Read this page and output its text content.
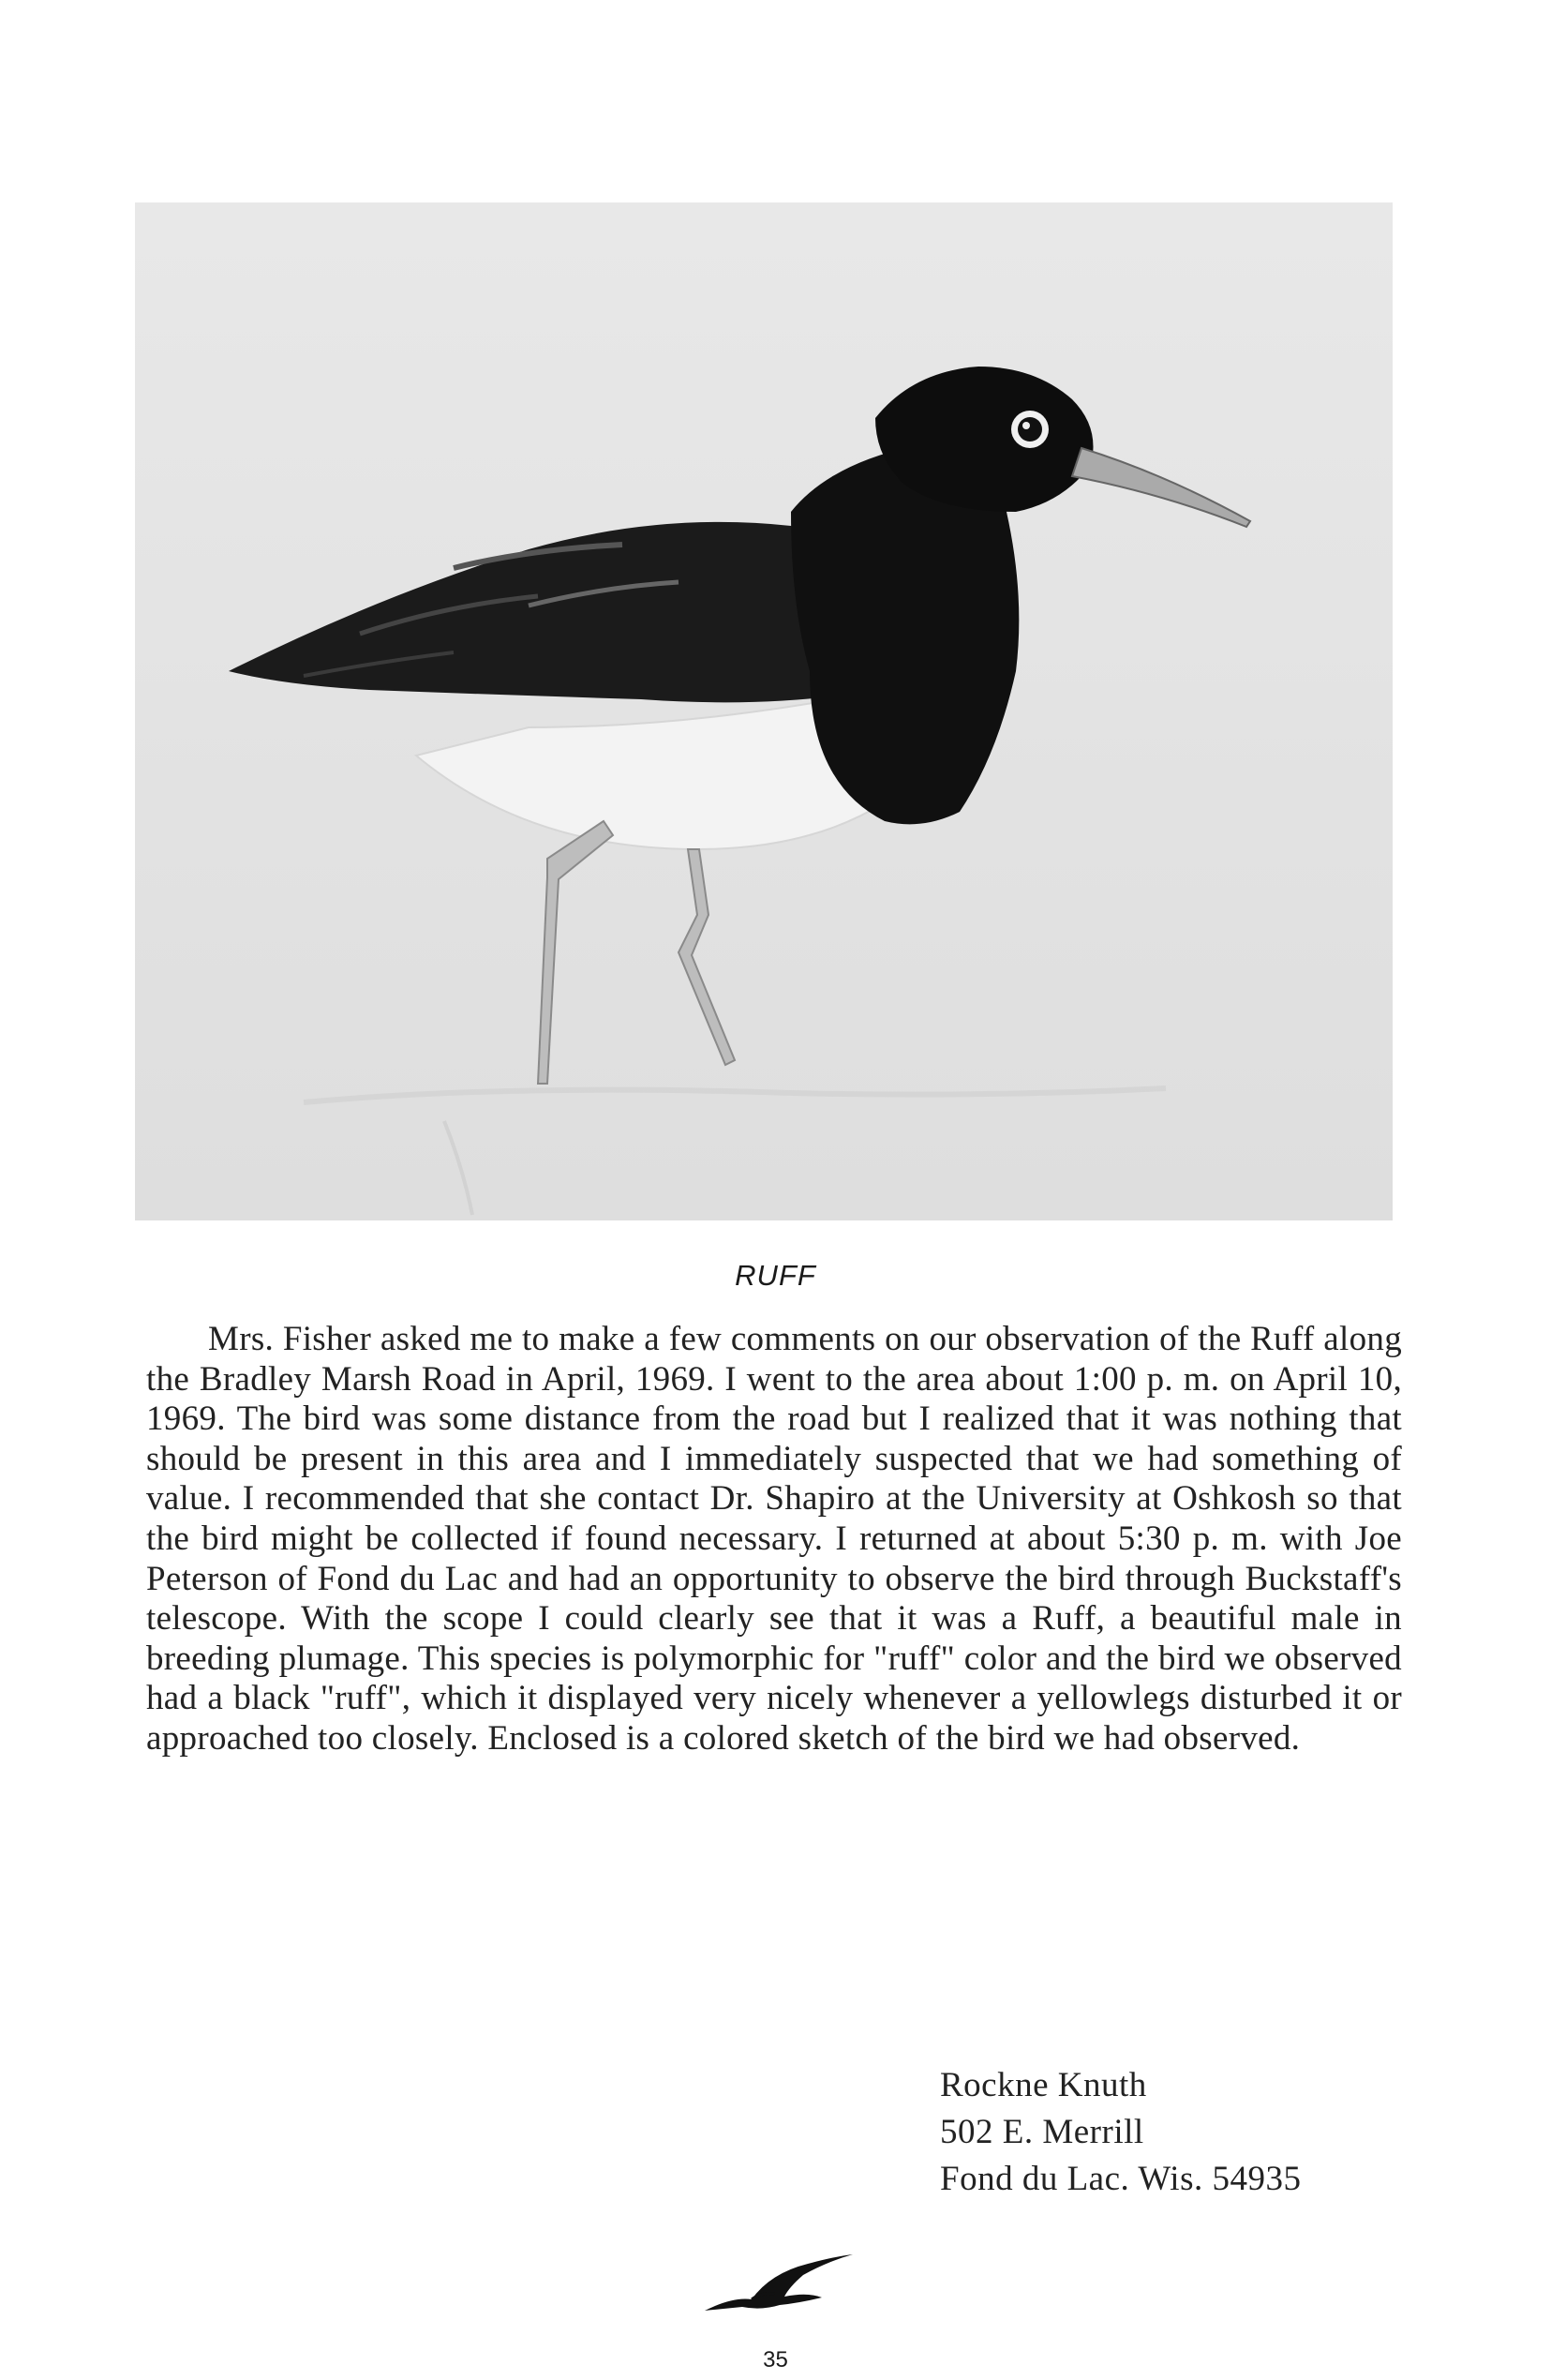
RUFF

Mrs. Fisher asked me to make a few comments on our observation of the Ruff along the Bradley Marsh Road in April, 1969. I went to the area about 1:00 p. m. on April 10, 1969. The bird was some distance from the road but I realized that it was nothing that should be present in this area and I immediately suspected that we had something of value. I recommended that she contact Dr. Shapiro at the University at Oshkosh so that the bird might be collected if found necessary. I returned at about 5:30 p. m. with Joe Peterson of Fond du Lac and had an opportunity to observe the bird through Buckstaff's telescope. With the scope I could clearly see that it was a Ruff, a beautiful male in breeding plumage. This species is polymorphic for "ruff" color and the bird we observed had a black "ruff", which it displayed very nicely whenever a yellowlegs disturbed it or approached too closely. Enclosed is a colored sketch of the bird we had observed.

Rockne Knuth
502 E. Merrill
Fond du Lac. Wis. 54935
35
